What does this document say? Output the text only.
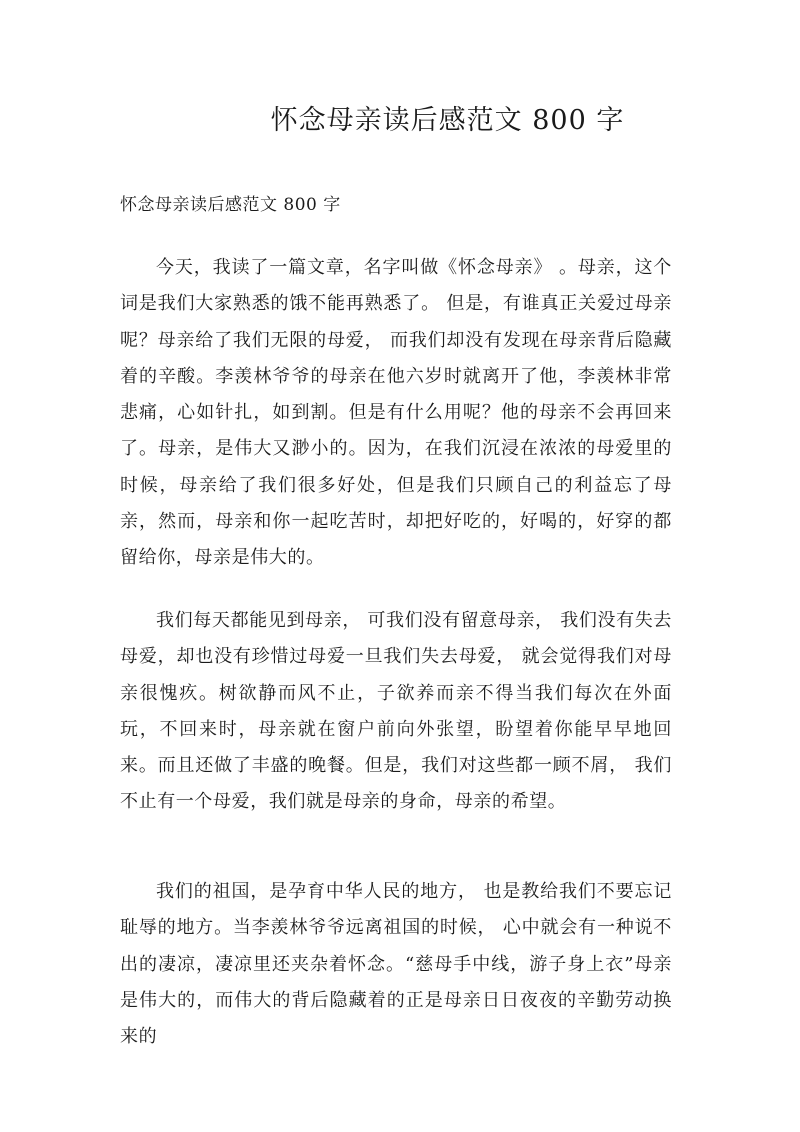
怀念母亲读后感范文 800 字
怀念母亲读后感范文 800 字

今天，我读了一篇文章，名字叫做《怀念母亲》 。母亲，这个词是我们大家熟悉的饿不能再熟悉了。 但是，有谁真正关爱过母亲呢？母亲给了我们无限的母爱， 而我们却没有发现在母亲背后隐藏着的辛酸。李羡林爷爷的母亲在他六岁时就离开了他，李羡林非常悲痛，心如针扎，如到割。但是有什么用呢？他的母亲不会再回来了。母亲，是伟大又渺小的。因为，在我们沉浸在浓浓的母爱里的时候，母亲给了我们很多好处，但是我们只顾自己的利益忘了母亲，然而，母亲和你一起吃苦时，却把好吃的，好喝的，好穿的都留给你，母亲是伟大的。

我们每天都能见到母亲， 可我们没有留意母亲， 我们没有失去母爱，却也没有珍惜过母爱一旦我们失去母爱， 就会觉得我们对母亲很愧疚。树欲静而风不止，子欲养而亲不得当我们每次在外面玩，不回来时，母亲就在窗户前向外张望，盼望着你能早早地回来。而且还做了丰盛的晚餐。但是，我们对这些都一顾不屑， 我们不止有一个母爱，我们就是母亲的身命，母亲的希望。

我们的祖国，是孕育中华人民的地方， 也是教给我们不要忘记耻辱的地方。当李羡林爷爷远离祖国的时候， 心中就会有一种说不出的凄凉，凄凉里还夹杂着怀念。“慈母手中线，游子身上衣”母亲是伟大的，而伟大的背后隐藏着的正是母亲日日夜夜的辛勤劳动换来的
